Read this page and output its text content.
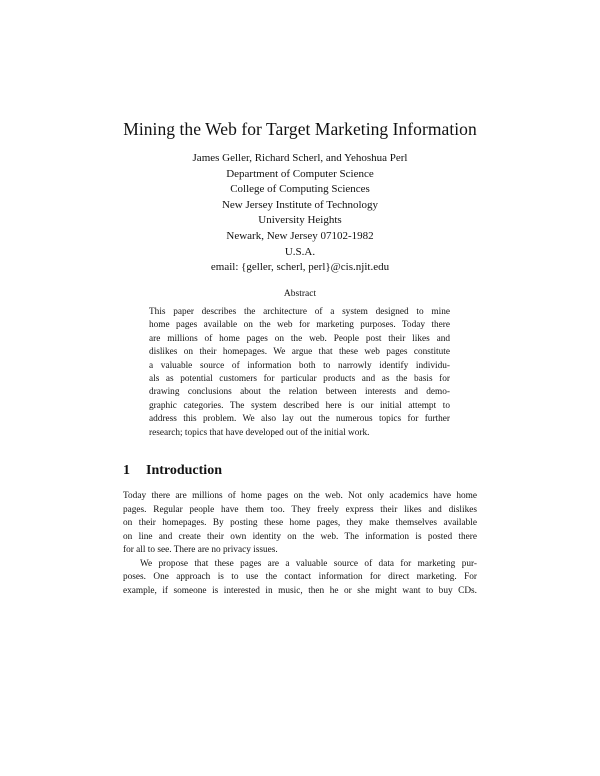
Mining the Web for Target Marketing Information
James Geller, Richard Scherl, and Yehoshua Perl
Department of Computer Science
College of Computing Sciences
New Jersey Institute of Technology
University Heights
Newark, New Jersey 07102-1982
U.S.A.
email: {geller, scherl, perl}@cis.njit.edu
Abstract
This paper describes the architecture of a system designed to mine
home pages available on the web for marketing purposes. Today there
are millions of home pages on the web. People post their likes and
dislikes on their homepages. We argue that these web pages constitute
a valuable source of information both to narrowly identify individu-
als as potential customers for particular products and as the basis for
drawing conclusions about the relation between interests and demo-
graphic categories. The system described here is our initial attempt to
address this problem. We also lay out the numerous topics for further
research; topics that have developed out of the initial work.
1 Introduction
Today there are millions of home pages on the web. Not only academics have home
pages. Regular people have them too. They freely express their likes and dislikes
on their homepages. By posting these home pages, they make themselves available
on line and create their own identity on the web. The information is posted there
for all to see. There are no privacy issues.
We propose that these pages are a valuable source of data for marketing pur-
poses. One approach is to use the contact information for direct marketing. For
example, if someone is interested in music, then he or she might want to buy CDs.
